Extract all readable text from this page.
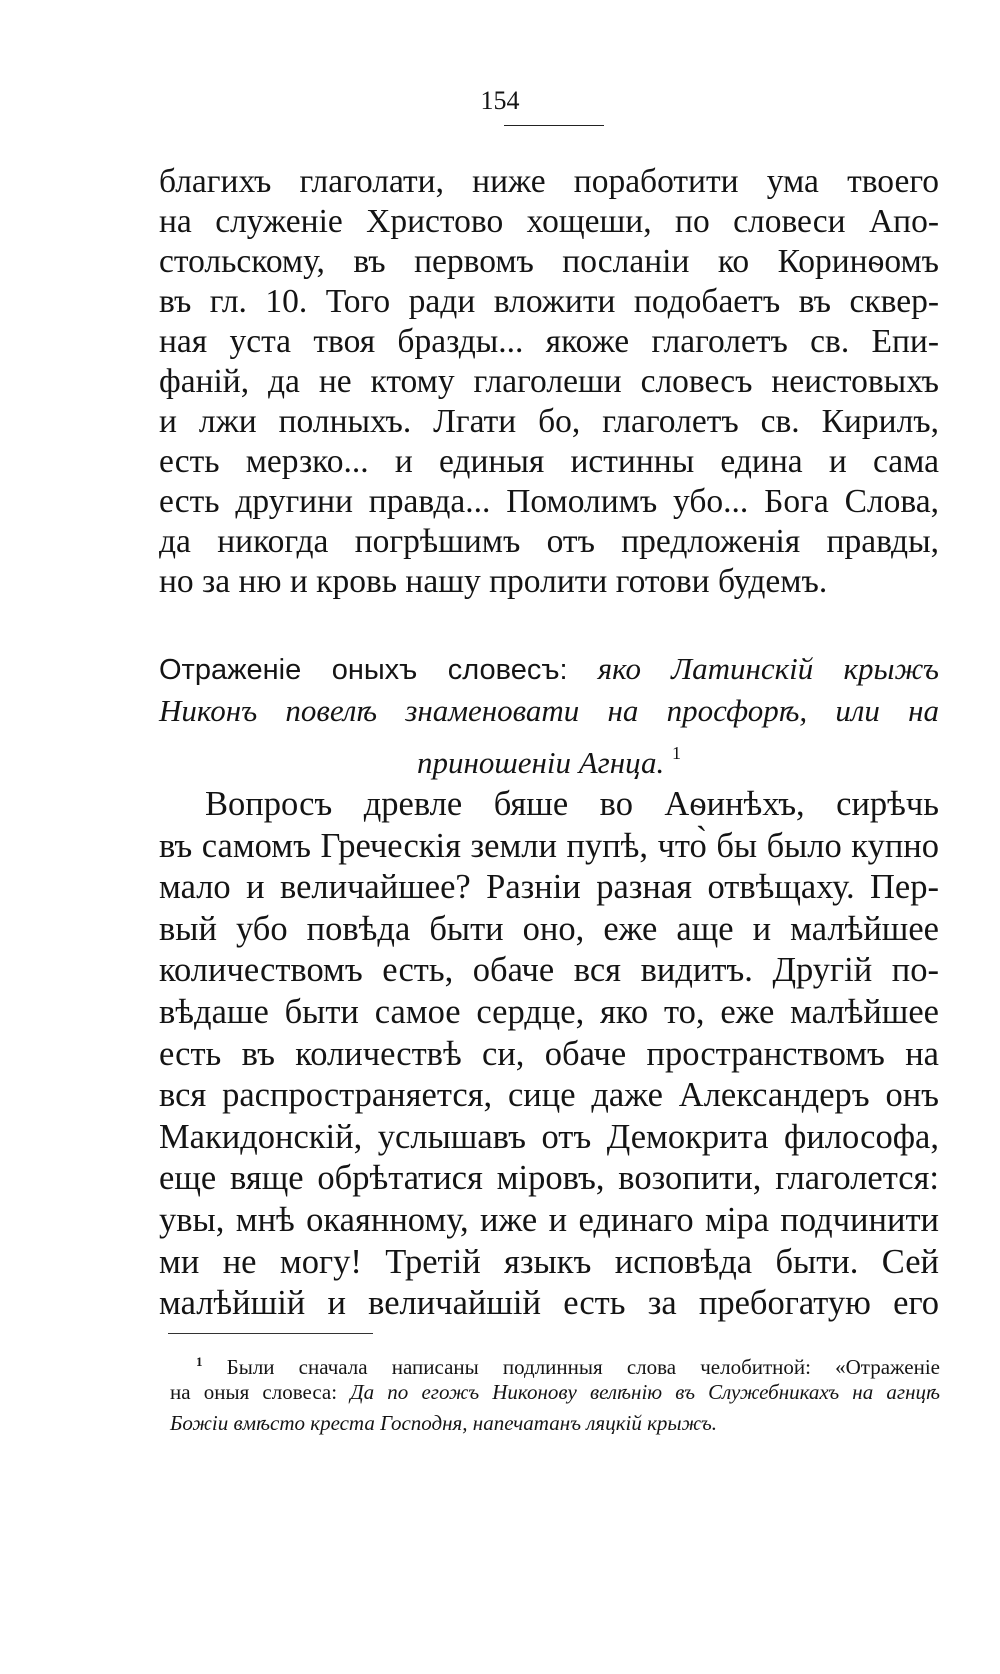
154
благихъ глаголати, ниже поработити ума твоего
на служеніе Христово хощеши, по словеси Апо-
стольскому, въ первомъ посланіи ко Коринѳомъ
въ гл. 10. Того ради вложити подобаетъ въ сквер-
ная уста твоя бразды... якоже глаголетъ св. Епи-
фаній, да не ктому глаголеши словесъ неистовыхъ
и лжи полныхъ. Лгати бо, глаголетъ св. Кирилъ,
есть мерзко... и единыя истинны едина и сама
есть другини правда... Помолимъ убо... Бога Слова,
да никогда погрѣшимъ отъ предложенія правды,
но за ню и кровь нашу пролити готови будемъ.
Отраженіе оныхъ словесъ: яко Латинскій крыжъ
Никонъ повелѣ знаменовати на просфорѣ, или на
приношеніи Агнца. $^1$
Вопросъ древле бяше во Аѳинѣхъ, сирѣчь
въ самомъ Греческія земли пупѣ, что̀ бы было купно
мало и величайшее? Разніи разная отвѣщаху. Пер-
вый убо повѣда быти оно, еже аще и малѣйшее
количествомъ есть, обаче вся видитъ. Другій по-
вѣдаше быти самое сердце, яко то, еже малѣйшее
есть въ количествѣ си, обаче пространствомъ на
вся распространяется, сице даже Александеръ онъ
Макидонскій, услышавъ отъ Демокрита философа,
еще вяще обрѣтатися міровъ, возопити, глаголется:
увы, мнѣ окаянному, иже и единаго міра подчинити
ми не могу! Третій языкъ исповѣда быти. Сей
малѣйшій и величайшій есть за пребогатую его
$^1$ Были сначала написаны подлинныя слова челобитной: «Отраженіе
на оныя словеса: Да по егожъ Никонову велѣнію въ Служебникахъ на агнцѣ
Божіи вмѣсто креста Господня, напечатанъ ляцкій крыжъ.
